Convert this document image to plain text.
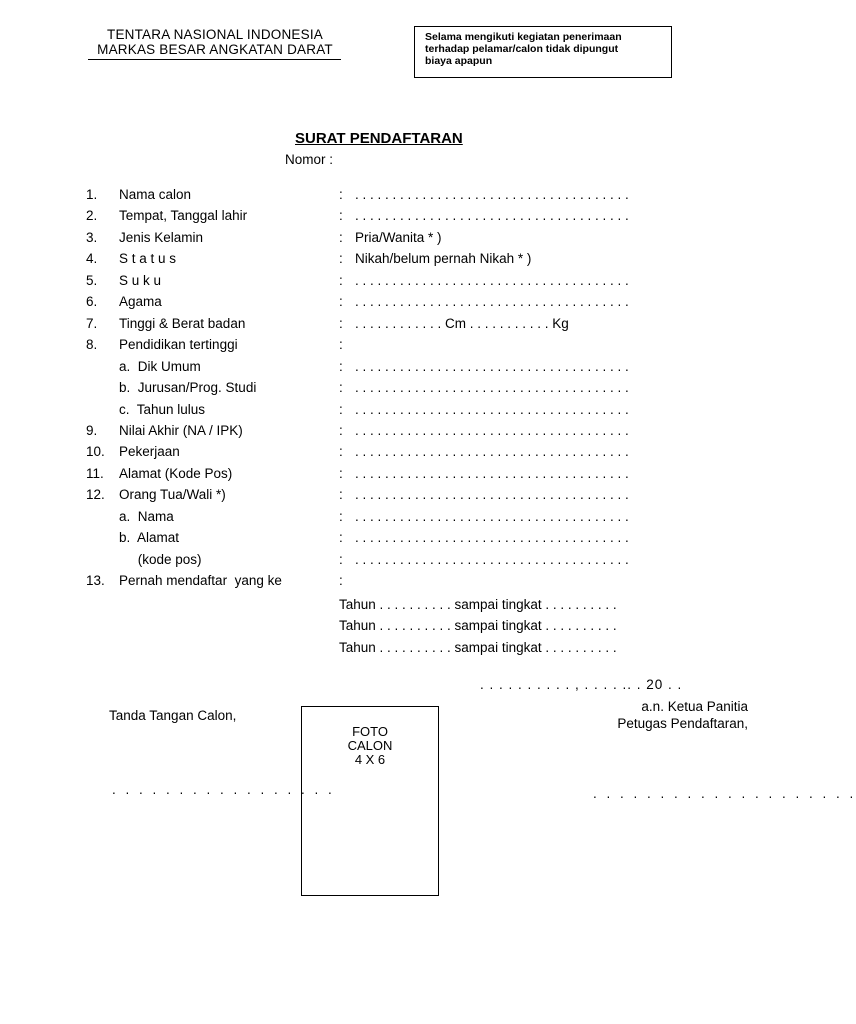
TENTARA NASIONAL INDONESIA
MARKAS BESAR ANGKATAN DARAT
Selama mengikuti kegiatan penerimaan
terhadap pelamar/calon tidak dipungut
biaya apapun
SURAT PENDAFTARAN
Nomor :
1. Nama calon	: . . . . . . . . . . . . . . . . . . . . . . . . . . . . . . . . . . . . .
2. Tempat, Tanggal lahir	: . . . . . . . . . . . . . . . . . . . . . . . . . . . . . . . . . . . . .
3. Jenis Kelamin	: Pria/Wanita * )
4. S t a t u s	: Nikah/belum pernah Nikah * )
5. S u k u	: . . . . . . . . . . . . . . . . . . . . . . . . . . . . . . . . . . . . .
6. Agama	: . . . . . . . . . . . . . . . . . . . . . . . . . . . . . . . . . . . . .
7. Tinggi & Berat badan	: . . . . . . . . . . . . Cm . . . . . . . . . . . Kg
8. Pendidikan tertinggi	:
a.  Dik Umum	: . . . . . . . . . . . . . . . . . . . . . . . . . . . . . . . . . . . . .
b.  Jurusan/Prog. Studi	: . . . . . . . . . . . . . . . . . . . . . . . . . . . . . . . . . . . . .
c.  Tahun lulus	: . . . . . . . . . . . . . . . . . . . . . . . . . . . . . . . . . . . . .
9. Nilai Akhir (NA / IPK)	: . . . . . . . . . . . . . . . . . . . . . . . . . . . . . . . . . . . . .
10. Pekerjaan	: . . . . . . . . . . . . . . . . . . . . . . . . . . . . . . . . . . . . .
11. Alamat (Kode Pos)	: . . . . . . . . . . . . . . . . . . . . . . . . . . . . . . . . . . . . .
12. Orang Tua/Wali *)	: . . . . . . . . . . . . . . . . . . . . . . . . . . . . . . . . . . . . .
a.  Nama	: . . . . . . . . . . . . . . . . . . . . . . . . . . . . . . . . . . . . .
b.  Alamat	: . . . . . . . . . . . . . . . . . . . . . . . . . . . . . . . . . . . . .
(kode pos)	: . . . . . . . . . . . . . . . . . . . . . . . . . . . . . . . . . . . . .
13. Pernah mendaftar  yang ke	:
Tahun . . . . . . . . . . sampai tingkat . . . . . . . . . .
Tahun . . . . . . . . . . sampai tingkat . . . . . . . . . .
Tahun . . . . . . . . . . sampai tingkat . . . . . . . . . .
. . . . . . . . . . , . . . . .. . 20 . .
a.n. Ketua Panitia
Petugas Pendaftaran,
Tanda Tangan Calon,
FOTO
CALON
4 X 6
. . . . . . . . . . . . . . . . .	. . . . . . . . . . . . . . . . . . . .
